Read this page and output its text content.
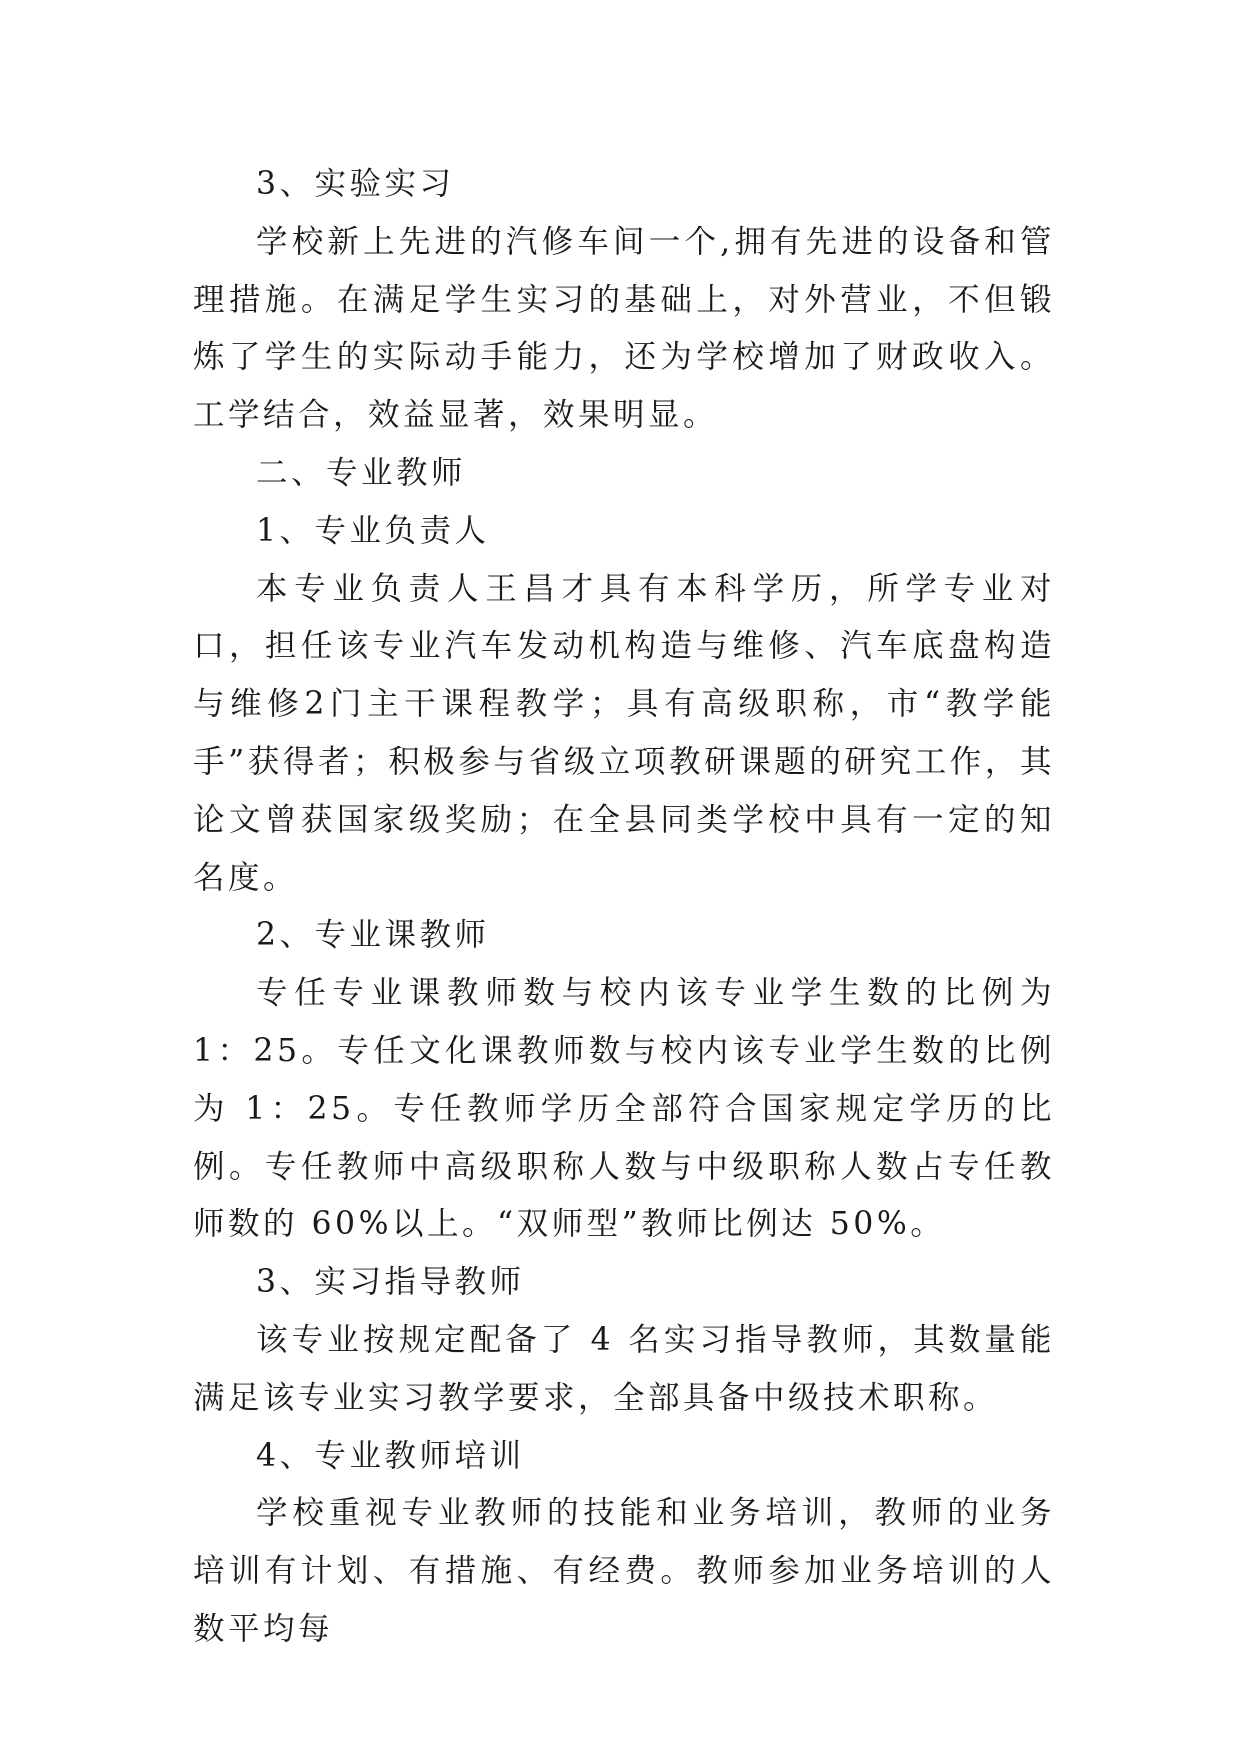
3、实验实习

学校新上先进的汽修车间一个,拥有先进的设备和管理措施。在满足学生实习的基础上，对外营业，不但锻炼了学生的实际动手能力，还为学校增加了财政收入。工学结合，效益显著，效果明显。

二、专业教师

1、专业负责人

本专业负责人王昌才具有本科学历，所学专业对口，担任该专业汽车发动机构造与维修、汽车底盘构造与维修2门主干课程教学；具有高级职称，市“教学能手”获得者；积极参与省级立项教研课题的研究工作，其论文曾获国家级奖励；在全县同类学校中具有一定的知名度。

2、专业课教师

专任专业课教师数与校内该专业学生数的比例为 1：25。专任文化课教师数与校内该专业学生数的比例为 1：25。专任教师学历全部符合国家规定学历的比例。专任教师中高级职称人数与中级职称人数占专任教师数的 60%以上。“双师型”教师比例达 50%。

3、实习指导教师

该专业按规定配备了 4 名实习指导教师，其数量能满足该专业实习教学要求，全部具备中级技术职称。

4、专业教师培训

学校重视专业教师的技能和业务培训，教师的业务培训有计划、有措施、有经费。教师参加业务培训的人数平均每
